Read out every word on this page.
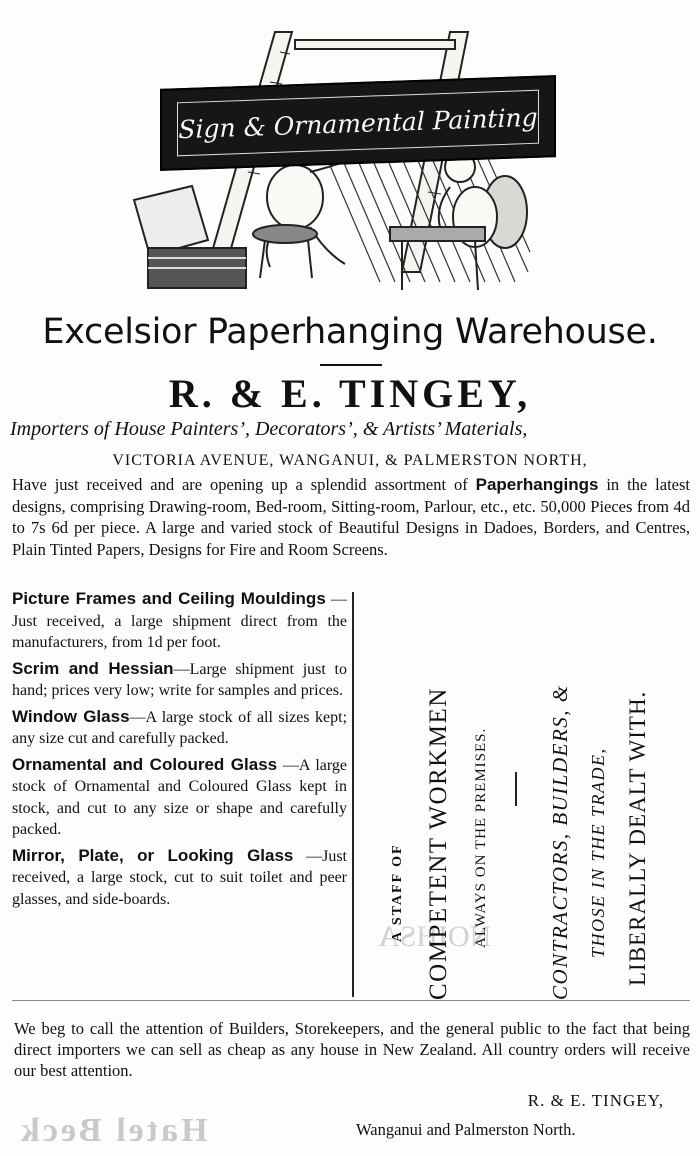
Sign & Ornamental Painting
Excelsior Paperhanging Warehouse.
R. & E. TINGEY,
Importers of House Painters’, Decorators’, & Artists’ Materials,
VICTORIA AVENUE, WANGANUI, & PALMERSTON NORTH,
Have just received and are opening up a splendid assortment of Paperhangings in the latest designs, comprising Drawing-room, Bed-room, Sitting-room, Parlour, etc., etc. 50,000 Pieces from 4d to 7s 6d per piece. A large and varied stock of Beautiful Designs in Dadoes, Borders, and Centres, Plain Tinted Papers, Designs for Fire and Room Screens.
Picture Frames and Ceiling Mouldings — Just received, a large shipment direct from the manufacturers, from 1d per foot.
Scrim and Hessian—Large shipment just to hand; prices very low; write for samples and prices.
Window Glass—A large stock of all sizes kept; any size cut and carefully packed.
Ornamental and Coloured Glass —A large stock of Ornamental and Coloured Glass kept in stock, and cut to any size or shape and carefully packed.
Mirror, Plate, or Looking Glass —Just received, a large stock, cut to suit toilet and peer glasses, and side-boards.
NOIHSA
A STAFF OF COMPETENT WORKMEN ALWAYS ON THE PREMISES.	CONTRACTORS, BUILDERS, & THOSE IN THE TRADE, LIBERALLY DEALT WITH.
We beg to call the attention of Builders, Storekeepers, and the general public to the fact that being direct importers we can sell as cheap as any house in New Zealand. All country orders will receive our best attention.
R. & E. TINGEY,
Hatel Beck	Wanganui and Palmerston North.
